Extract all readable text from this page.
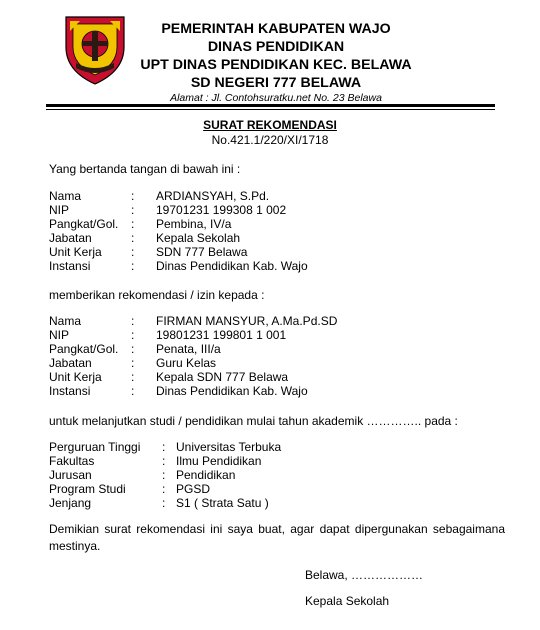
PEMERINTAH KABUPATEN WAJO
DINAS PENDIDIKAN
UPT DINAS PENDIDIKAN KEC. BELAWA
SD NEGERI 777 BELAWA
Alamat : Jl. Contohsuratku.net No. 23 Belawa
SURAT REKOMENDASI
No.421.1/220/XI/1718
Yang bertanda tangan di bawah ini :
Nama	: ARDIANSYAH, S.Pd.
NIP	: 19701231 199308 1 002
Pangkat/Gol. : Pembina, IV/a
Jabatan	: Kepala Sekolah
Unit Kerja : SDN 777 Belawa
Instansi	: Dinas Pendidikan Kab. Wajo
memberikan rekomendasi / izin kepada :
Nama	: FIRMAN MANSYUR, A.Ma.Pd.SD
NIP	: 19801231 199801 1 001
Pangkat/Gol. : Penata, III/a
Jabatan	: Guru Kelas
Unit Kerja : Kepala SDN 777 Belawa
Instansi	: Dinas Pendidikan Kab. Wajo
untuk melanjutkan studi / pendidikan mulai tahun akademik ………….. pada :
Perguruan Tinggi : Universitas Terbuka
Fakultas	: Ilmu Pendidikan
Jurusan	: Pendidikan
Program Studi	: PGSD
Jenjang	: S1 ( Strata Satu )
Demikian surat rekomendasi ini saya buat, agar dapat dipergunakan sebagaimana mestinya.
Belawa, ………………
Kepala Sekolah
